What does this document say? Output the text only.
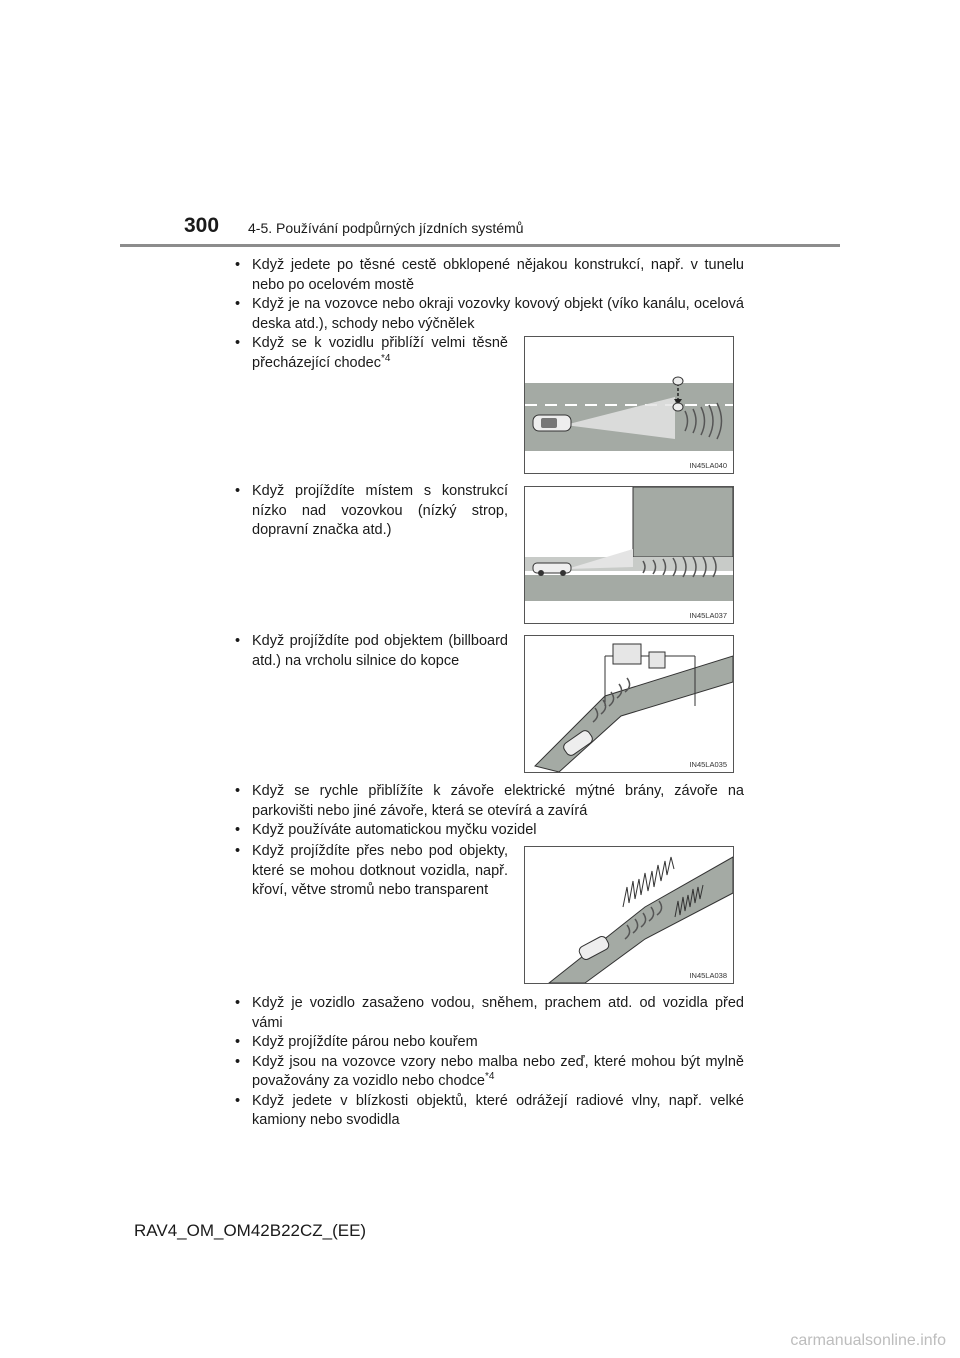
300 4-5. Používání podpůrných jízdních systémů
• Když jedete po těsné cestě obklopené nějakou konstrukcí, např. v tunelu nebo po ocelovém mostě
• Když je na vozovce nebo okraji vozovky kovový objekt (víko kanálu, ocelová deska atd.), schody nebo výčnělek
• Když se k vozidlu přiblíží velmi těsně přecházející chodec$^{*4}$
IN45LA040
• Když projíždíte místem s konstrukcí nízko nad vozovkou (nízký strop, dopravní značka atd.)
IN45LA037
• Když projíždíte pod objektem (billboard atd.) na vrcholu silnice do kopce
IN45LA035
• Když se rychle přiblížíte k závoře elektrické mýtné brány, závoře na parkovišti nebo jiné závoře, která se otevírá a zavírá
• Když používáte automatickou myčku vozidel
• Když projíždíte přes nebo pod objekty, které se mohou dotknout vozidla, např. křoví, větve stromů nebo transparent
IN45LA038
• Když je vozidlo zasaženo vodou, sněhem, prachem atd. od vozidla před vámi
• Když projíždíte párou nebo kouřem
• Když jsou na vozovce vzory nebo malba nebo zeď, které mohou být mylně považovány za vozidlo nebo chodce$^{*4}$
• Když jedete v blízkosti objektů, které odrážejí radiové vlny, např. velké kamiony nebo svodidla
RAV4_OM_OM42B22CZ_(EE)
carmanualsonline.info
